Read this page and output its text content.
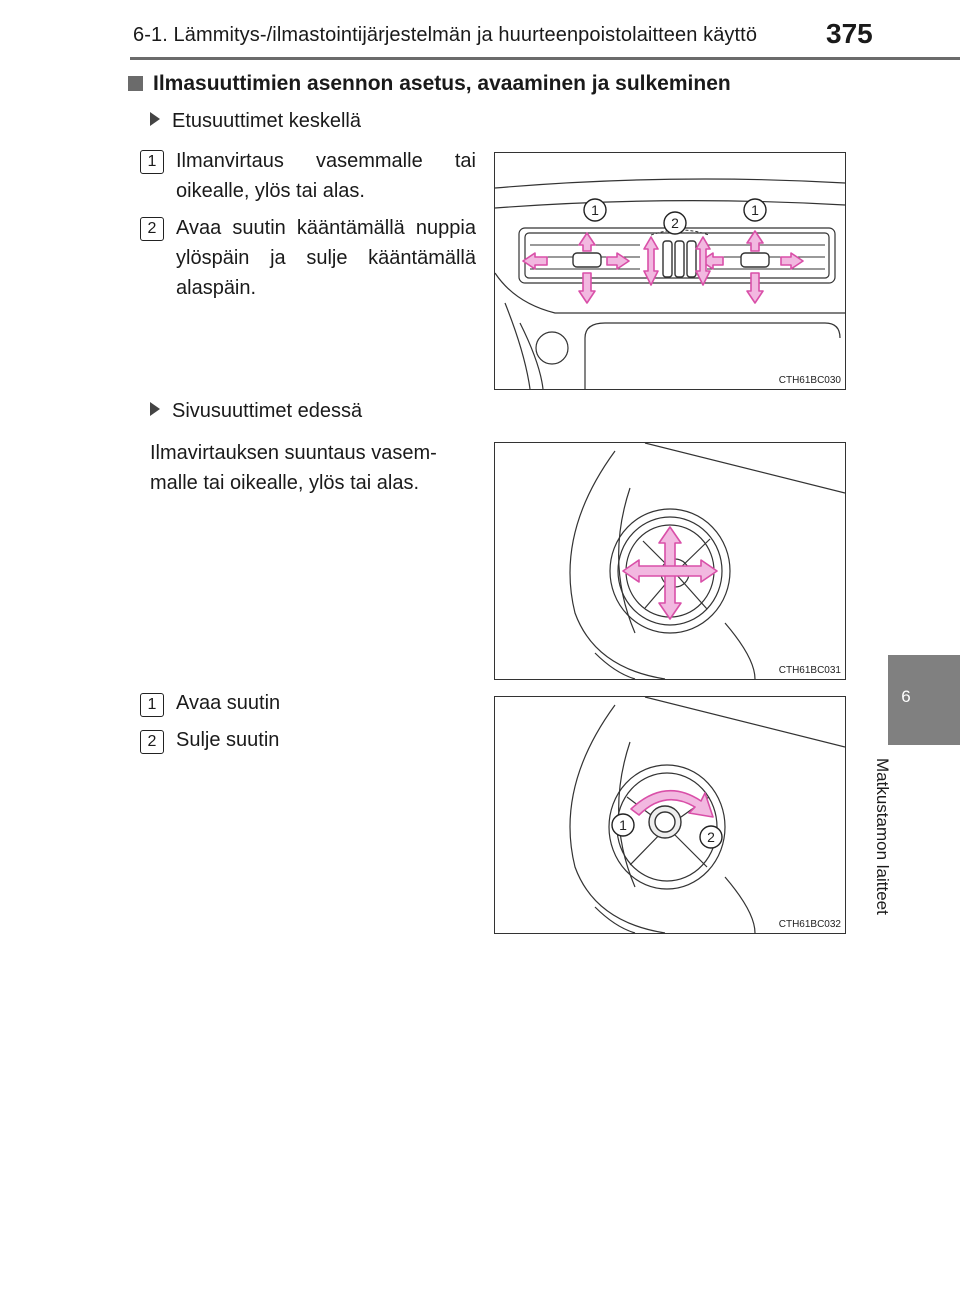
6-1. Lämmitys-/ilmastointijärjestelmän ja huurteenpoistolaitteen käyttö 375
6
Matkustamon laitteet
Ilmasuuttimien asennon asetus, avaaminen ja sulkeminen
Etusuuttimet keskellä
1 Ilmanvirtaus vasemmalle tai oikealle, ylös tai alas.
2 Avaa suutin kääntämällä nuppia ylöspäin ja sulje kääntämällä alaspäin.
1
2
1
CTH61BC030
Sivusuuttimet edessä
Ilmavirtauksen suuntaus vasem-malle tai oikealle, ylös tai alas.
CTH61BC031
1 Avaa suutin
2 Sulje suutin
1
2
CTH61BC032
